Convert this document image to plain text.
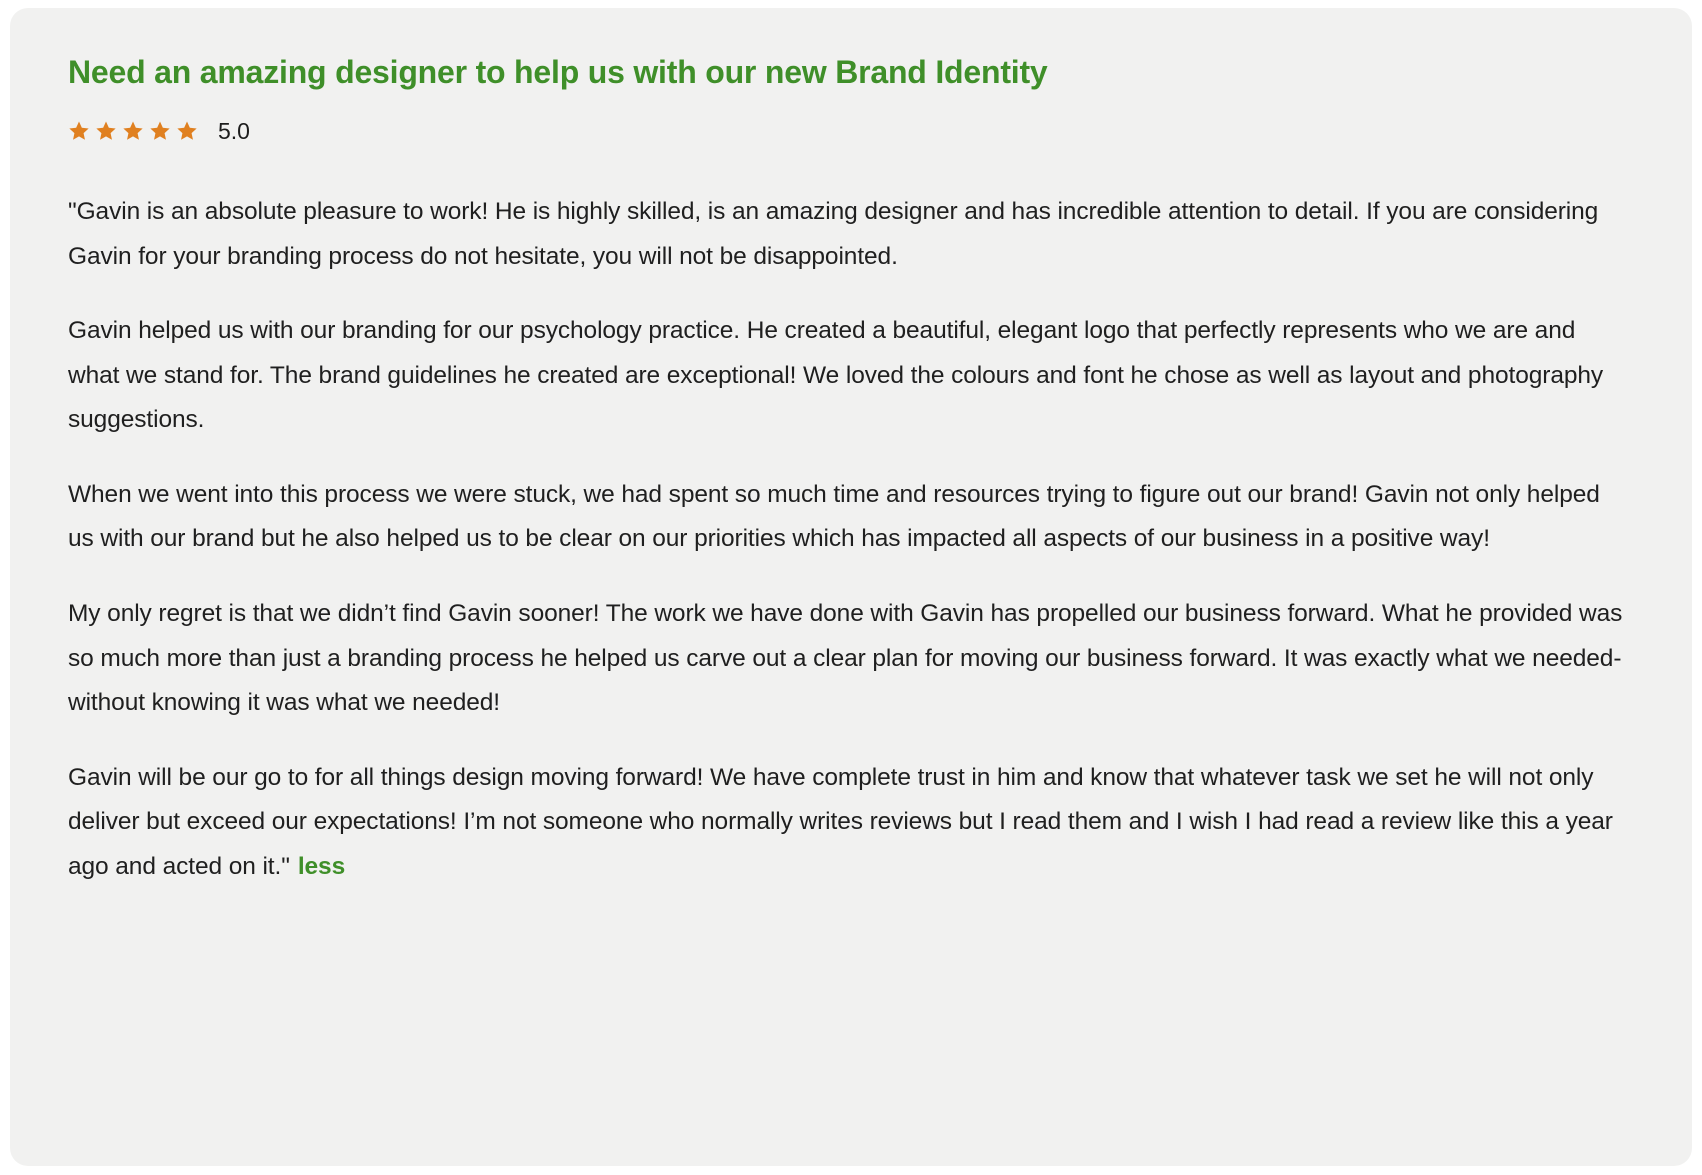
Need an amazing designer to help us with our new Brand Identity
5.0

"Gavin is an absolute pleasure to work! He is highly skilled, is an amazing designer and has incredible attention to detail. If you are considering Gavin for your branding process do not hesitate, you will not be disappointed.

Gavin helped us with our branding for our psychology practice. He created a beautiful, elegant logo that perfectly represents who we are and what we stand for. The brand guidelines he created are exceptional! We loved the colours and font he chose as well as layout and photography suggestions.

When we went into this process we were stuck, we had spent so much time and resources trying to figure out our brand! Gavin not only helped us with our brand but he also helped us to be clear on our priorities which has impacted all aspects of our business in a positive way!

My only regret is that we didn’t find Gavin sooner! The work we have done with Gavin has propelled our business forward. What he provided was so much more than just a branding process he helped us carve out a clear plan for moving our business forward. It was exactly what we needed- without knowing it was what we needed!

Gavin will be our go to for all things design moving forward! We have complete trust in him and know that whatever task we set he will not only deliver but exceed our expectations! I’m not someone who normally writes reviews but I read them and I wish I had read a review like this a year ago and acted on it." less
